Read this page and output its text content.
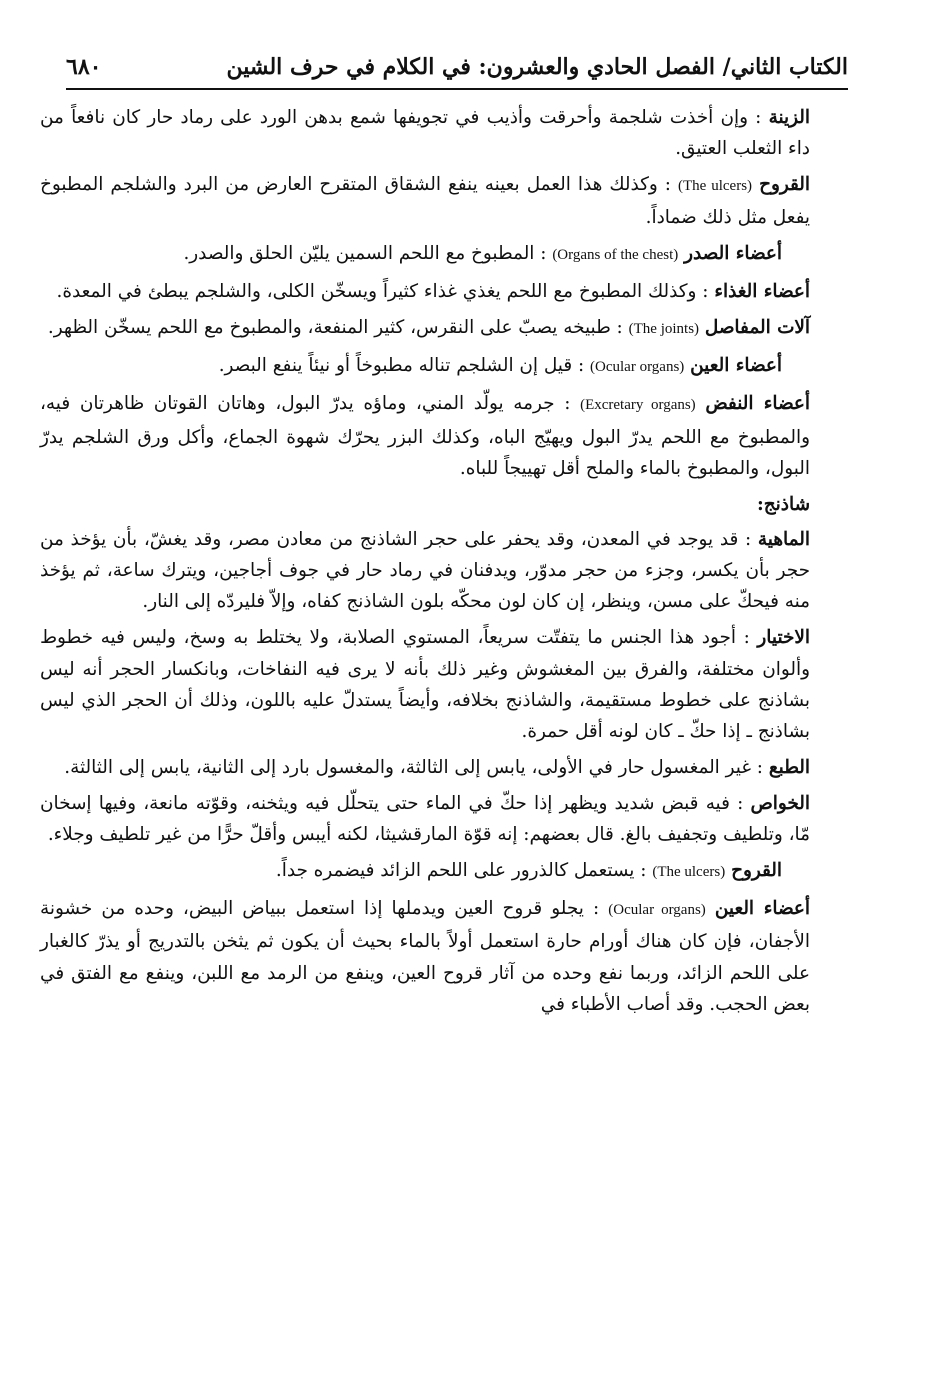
الكتاب الثاني/ الفصل الحادي والعشرون: في الكلام في حرف الشين
٦٨٠

الزينة : وإن أخذت شلجمة وأحرقت وأذيب في تجويفها شمع بدهن الورد على رماد حار كان نافعاً من داء الثعلب العتيق.

القروح (The ulcers) : وكذلك هذا العمل بعينه ينفع الشقاق المتقرح العارض من البرد والشلجم المطبوخ يفعل مثل ذلك ضماداً.

أعضاء الصدر (Organs of the chest) : المطبوخ مع اللحم السمين يليّن الحلق والصدر.

أعضاء الغذاء : وكذلك المطبوخ مع اللحم يغذي غذاء كثيراً ويسخّن الكلى، والشلجم يبطئ في المعدة.

آلات المفاصل (The joints) : طبيخه يصبّ على النقرس، كثير المنفعة، والمطبوخ مع اللحم يسخّن الظهر.

أعضاء العين (Ocular organs) : قيل إن الشلجم تناله مطبوخاً أو نيئاً ينفع البصر.

أعضاء النفض (Excretary organs) : جرمه يولّد المني، وماؤه يدرّ البول، وهاتان القوتان ظاهرتان فيه، والمطبوخ مع اللحم يدرّ البول ويهيّج الباه، وكذلك البزر يحرّك شهوة الجماع، وأكل ورق الشلجم يدرّ البول، والمطبوخ بالماء والملح أقل تهييجاً للباه.

شاذنج:

الماهية : قد يوجد في المعدن، وقد يحفر على حجر الشاذنج من معادن مصر، وقد يغشّ، بأن يؤخذ من حجر بأن يكسر، وجزء من حجر مدوّر، ويدفنان في رماد حار في جوف أجاجين، ويترك ساعة، ثم يؤخذ منه فيحكّ على مسن، وينظر، إن كان لون محكّه بلون الشاذنج كفاه، وإلاّ فليردّه إلى النار.

الاختيار : أجود هذا الجنس ما يتفتّت سريعاً، المستوي الصلابة، ولا يختلط به وسخ، وليس فيه خطوط وألوان مختلفة، والفرق بين المغشوش وغير ذلك بأنه لا يرى فيه النفاخات، وبانكسار الحجر أنه ليس بشاذنج على خطوط مستقيمة، والشاذنج بخلافه، وأيضاً يستدلّ عليه باللون، وذلك أن الحجر الذي ليس بشاذنج ـ إذا حكّ ـ كان لونه أقل حمرة.

الطبع : غير المغسول حار في الأولى، يابس إلى الثالثة، والمغسول بارد إلى الثانية، يابس إلى الثالثة.

الخواص : فيه قبض شديد ويظهر إذا حكّ في الماء حتى يتحلّل فيه ويثخنه، وقوّته مانعة، وفيها إسخان مّا، وتلطيف وتجفيف بالغ. قال بعضهم: إنه قوّة المارقشيثا، لكنه أيبس وأقلّ حرًّا من غير تلطيف وجلاء.

القروح (The ulcers) : يستعمل كالذرور على اللحم الزائد فيضمره جداً.

أعضاء العين (Ocular organs) : يجلو قروح العين ويدملها إذا استعمل ببياض البيض، وحده من خشونة الأجفان، فإن كان هناك أورام حارة استعمل أولاً بالماء بحيث أن يكون ثم يثخن بالتدريج أو يذرّ كالغبار على اللحم الزائد، وربما نفع وحده من آثار قروح العين، وينفع من الرمد مع اللبن، وينفع مع الفتق في بعض الحجب. وقد أصاب الأطباء في
